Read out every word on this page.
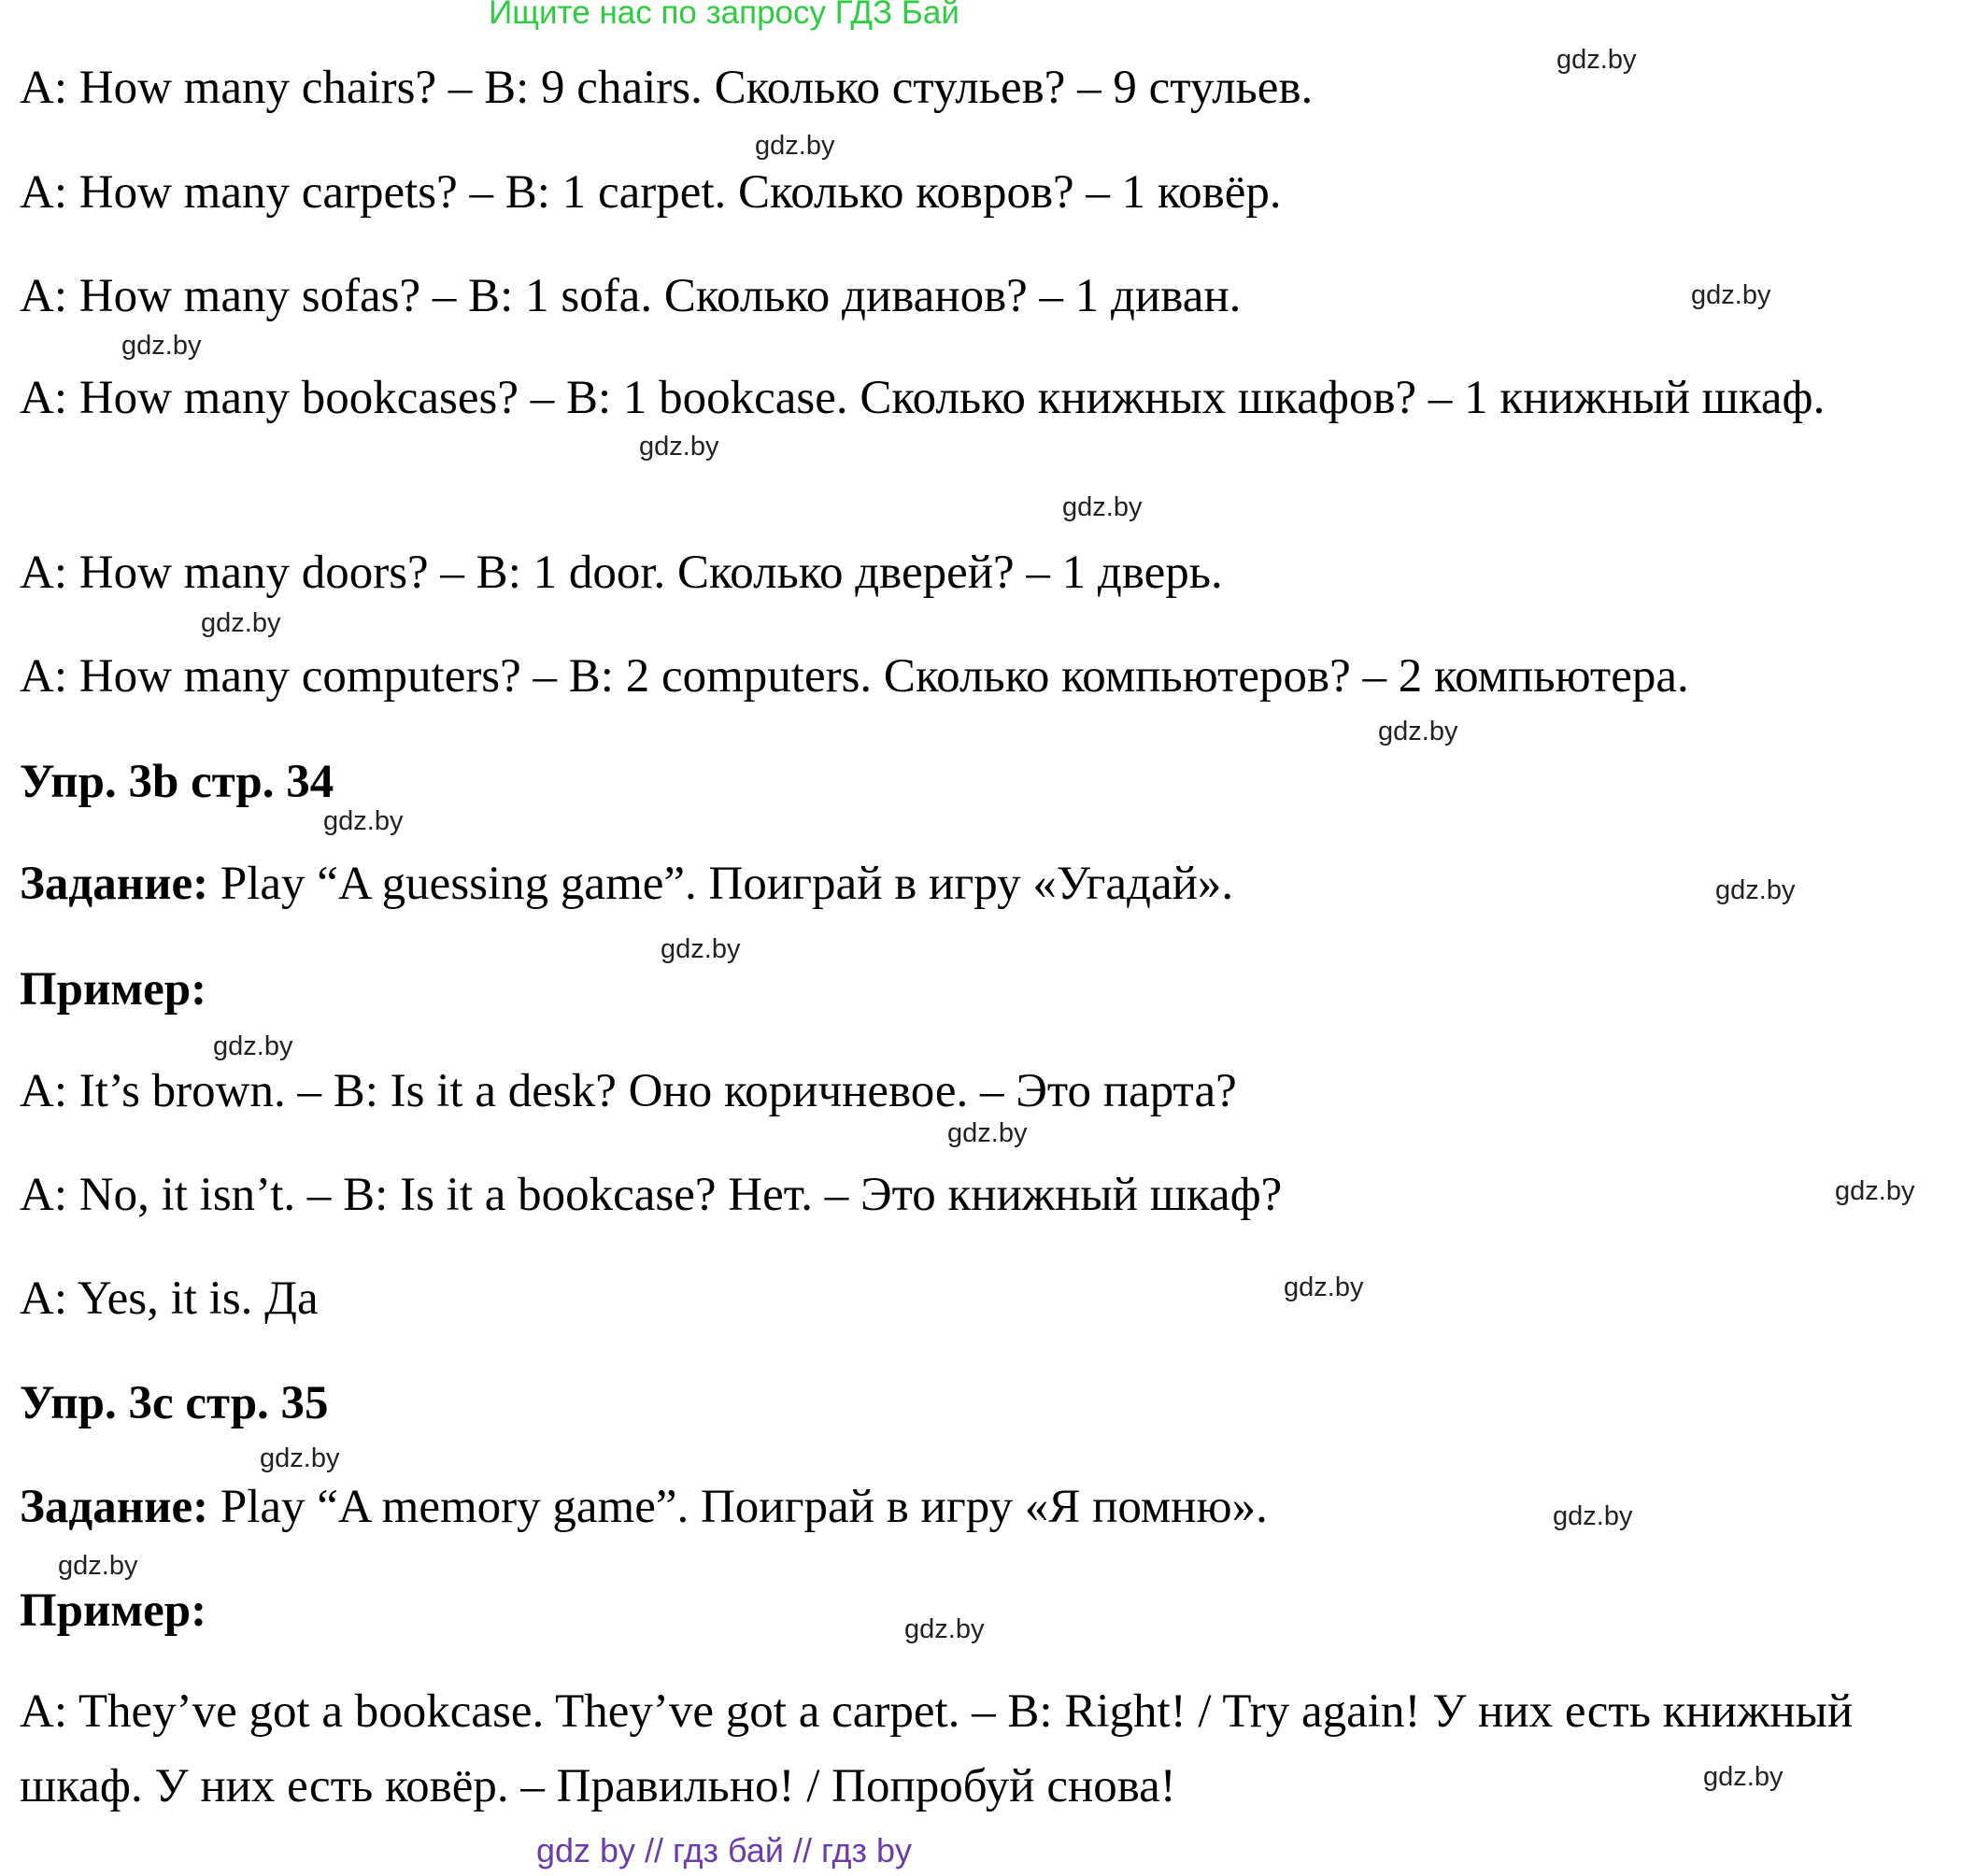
Ищите нас по запросу ГДЗ Бай
A: How many chairs? – B: 9 chairs. Сколько стульев? – 9 стульев.
A: How many carpets? – B: 1 carpet. Сколько ковров? – 1 ковёр.
A: How many sofas? – B: 1 sofa. Сколько диванов? – 1 диван.
A: How many bookcases? – B: 1 bookcase. Сколько книжных шкафов? – 1 книжный шкаф.
A: How many doors? – B: 1 door. Сколько дверей? – 1 дверь.
A: How many computers? – B: 2 computers. Сколько компьютеров? – 2 компьютера.
Упр. 3b стр. 34
Задание: Play “A guessing game”. Поиграй в игру «Угадай».
Пример:
A: It’s brown. – B: Is it a desk? Оно коричневое. – Это парта?
A: No, it isn’t. – B: Is it a bookcase? Нет. – Это книжный шкаф?
A: Yes, it is. Да
Упр. 3c стр. 35
Задание: Play “A memory game”. Поиграй в игру «Я помню».
Пример:
A: They’ve got a bookcase. They’ve got a carpet. – B: Right! / Try again! У них есть книжный шкаф. У них есть ковёр. – Правильно! / Попробуй снова!
gdz.by
gdz.by
gdz.by
gdz.by
gdz.by
gdz.by
gdz.by
gdz.by
gdz.by
gdz.by
gdz.by
gdz.by
gdz.by
gdz.by
gdz.by
gdz.by
gdz.by
gdz.by
gdz.by
gdz.by
gdz by // гдз бай // гдз by
